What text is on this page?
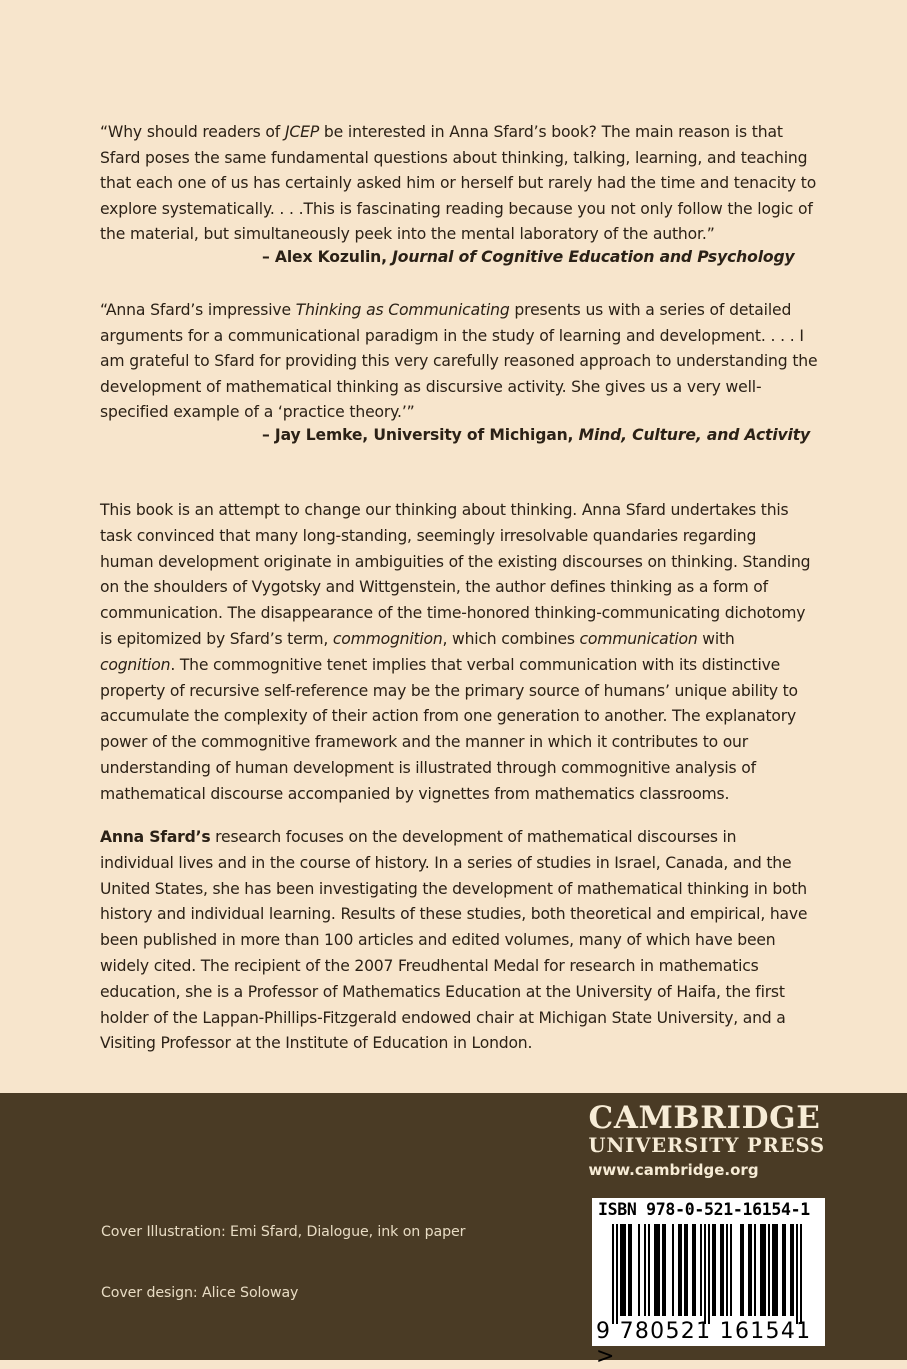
“Why should readers of JCEP be interested in Anna Sfard’s book? The main reason is that Sfard poses the same fundamental questions about thinking, talking, learning, and teaching that each one of us has certainly asked him or herself but rarely had the time and tenacity to explore systematically. . . .This is fascinating reading because you not only follow the logic of the material, but simultaneously peek into the mental laboratory of the author.”

– Alex Kozulin, Journal of Cognitive Education and Psychology

“Anna Sfard’s impressive Thinking as Communicating presents us with a series of detailed arguments for a communicational paradigm in the study of learning and development. . . . I am grateful to Sfard for providing this very carefully reasoned approach to understanding the development of mathematical thinking as discursive activity. She gives us a very well-specified example of a ‘practice theory.’”

– Jay Lemke, University of Michigan, Mind, Culture, and Activity

This book is an attempt to change our thinking about thinking. Anna Sfard undertakes this task convinced that many long-standing, seemingly irresolvable quandaries regarding human development originate in ambiguities of the existing discourses on thinking. Standing on the shoulders of Vygotsky and Wittgenstein, the author defines thinking as a form of communication. The disappearance of the time-honored thinking-communicating dichotomy is epitomized by Sfard’s term, commognition, which combines communication with cognition. The commognitive tenet implies that verbal communication with its distinctive property of recursive self-reference may be the primary source of humans’ unique ability to accumulate the complexity of their action from one generation to another. The explanatory power of the commognitive framework and the manner in which it contributes to our understanding of human development is illustrated through commognitive analysis of mathematical discourse accompanied by vignettes from mathematics classrooms.

Anna Sfard’s research focuses on the development of mathematical discourses in individual lives and in the course of history. In a series of studies in Israel, Canada, and the United States, she has been investigating the development of mathematical thinking in both history and individual learning. Results of these studies, both theoretical and empirical, have been published in more than 100 articles and edited volumes, many of which have been widely cited. The recipient of the 2007 Freudhental Medal for research in mathematics education, she is a Professor of Mathematics Education at the University of Haifa, the first holder of the Lappan-Phillips-Fitzgerald endowed chair at Michigan State University, and a Visiting Professor at the Institute of Education in London.

CAMBRIDGE
UNIVERSITY PRESS
www.cambridge.org
Cover Illustration: Emi Sfard, Dialogue, ink on paper
Cover design: Alice Soloway
ISBN 978-0-521-16154-1
9 780521 161541 >
